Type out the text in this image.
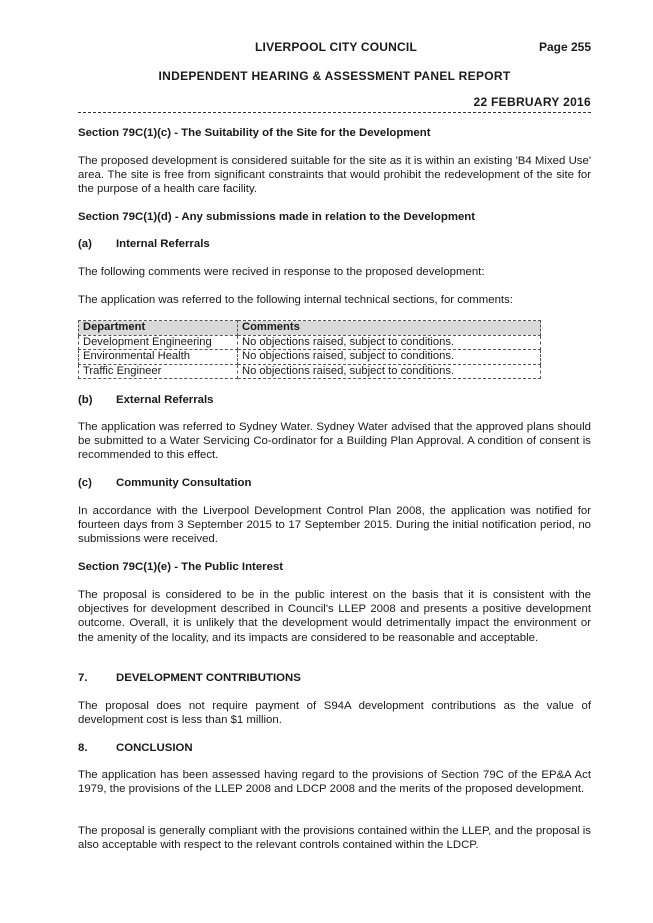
LIVERPOOL CITY COUNCIL	Page 255
INDEPENDENT HEARING & ASSESSMENT PANEL REPORT
22 FEBRUARY 2016
Section 79C(1)(c) - The Suitability of the Site for the Development
The proposed development is considered suitable for the site as it is within an existing 'B4 Mixed Use' area. The site is free from significant constraints that would prohibit the redevelopment of the site for the purpose of a health care facility.
Section 79C(1)(d) - Any submissions made in relation to the Development
(a) Internal Referrals
The following comments were recived in response to the proposed development:
The application was referred to the following internal technical sections, for comments:
Department	Comments
Development Engineering	No objections raised, subject to conditions.
Environmental Health	No objections raised, subject to conditions.
Traffic Engineer	No objections raised, subject to conditions.
(b) External Referrals
The application was referred to Sydney Water. Sydney Water advised that the approved plans should be submitted to a Water Servicing Co-ordinator for a Building Plan Approval. A condition of consent is recommended to this effect.
(c) Community Consultation
In accordance with the Liverpool Development Control Plan 2008, the application was notified for fourteen days from 3 September 2015 to 17 September 2015. During the initial notification period, no submissions were received.
Section 79C(1)(e) - The Public Interest
The proposal is considered to be in the public interest on the basis that it is consistent with the objectives for development described in Council's LLEP 2008 and presents a positive development outcome. Overall, it is unlikely that the development would detrimentally impact the environment or the amenity of the locality, and its impacts are considered to be reasonable and acceptable.
7.	DEVELOPMENT CONTRIBUTIONS
The proposal does not require payment of S94A development contributions as the value of development cost is less than $1 million.
8.	CONCLUSION
The application has been assessed having regard to the provisions of Section 79C of the EP&A Act 1979, the provisions of the LLEP 2008 and LDCP 2008 and the merits of the proposed development.
The proposal is generally compliant with the provisions contained within the LLEP, and the proposal is also acceptable with respect to the relevant controls contained within the LDCP.
